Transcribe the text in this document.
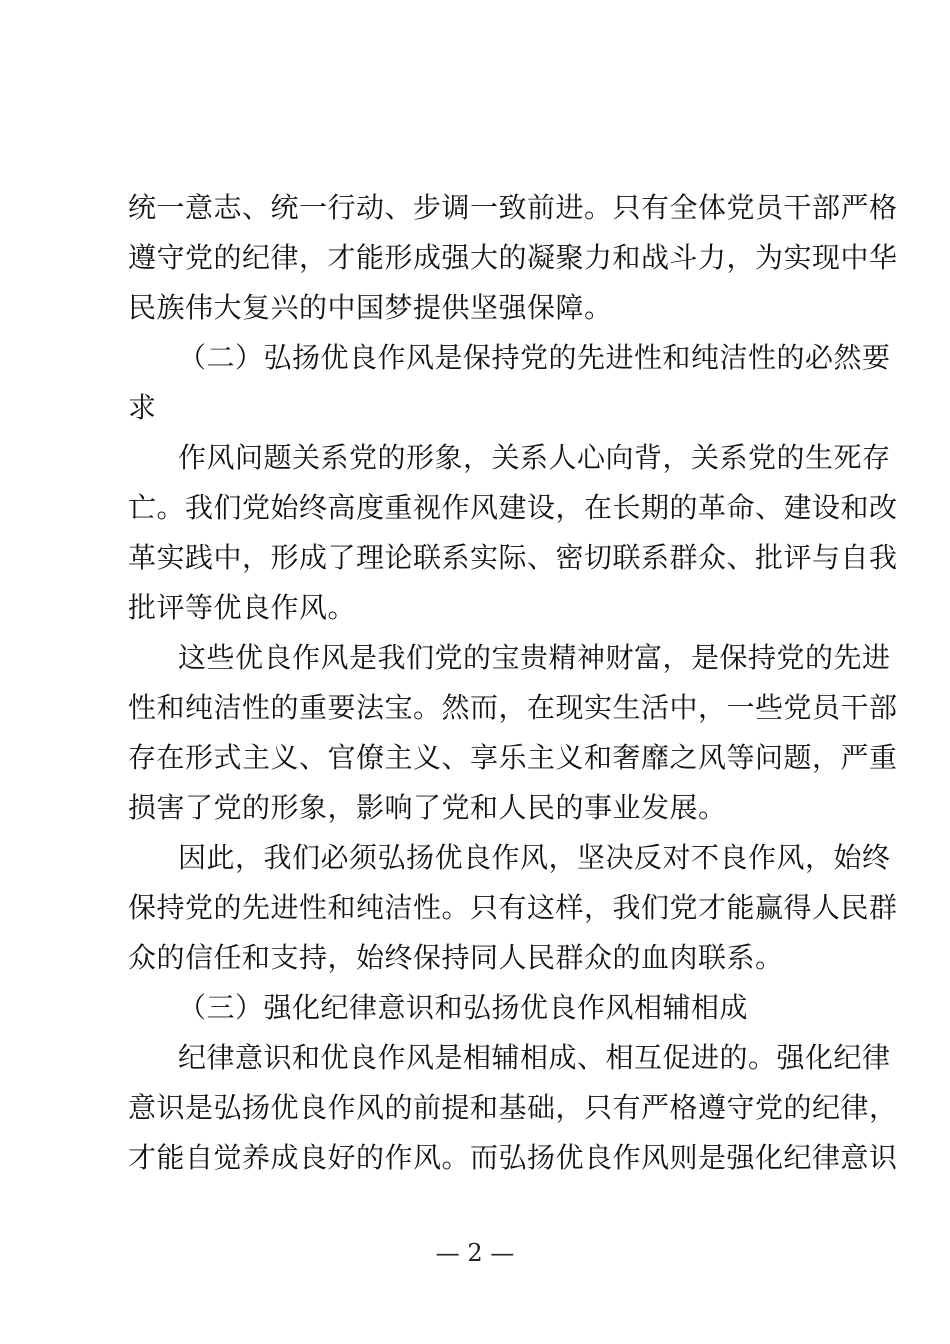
统一意志、统一行动、步调一致前进。只有全体党员干部严格
遵守党的纪律，才能形成强大的凝聚力和战斗力，为实现中华
民族伟大复兴的中国梦提供坚强保障。

（二）弘扬优良作风是保持党的先进性和纯洁性的必然要
求

作风问题关系党的形象，关系人心向背，关系党的生死存
亡。我们党始终高度重视作风建设，在长期的革命、建设和改
革实践中，形成了理论联系实际、密切联系群众、批评与自我
批评等优良作风。

这些优良作风是我们党的宝贵精神财富，是保持党的先进
性和纯洁性的重要法宝。然而，在现实生活中，一些党员干部
存在形式主义、官僚主义、享乐主义和奢靡之风等问题，严重
损害了党的形象，影响了党和人民的事业发展。

因此，我们必须弘扬优良作风，坚决反对不良作风，始终
保持党的先进性和纯洁性。只有这样，我们党才能赢得人民群
众的信任和支持，始终保持同人民群众的血肉联系。

（三）强化纪律意识和弘扬优良作风相辅相成

纪律意识和优良作风是相辅相成、相互促进的。强化纪律
意识是弘扬优良作风的前提和基础，只有严格遵守党的纪律，
才能自觉养成良好的作风。而弘扬优良作风则是强化纪律意识

— 2 —
